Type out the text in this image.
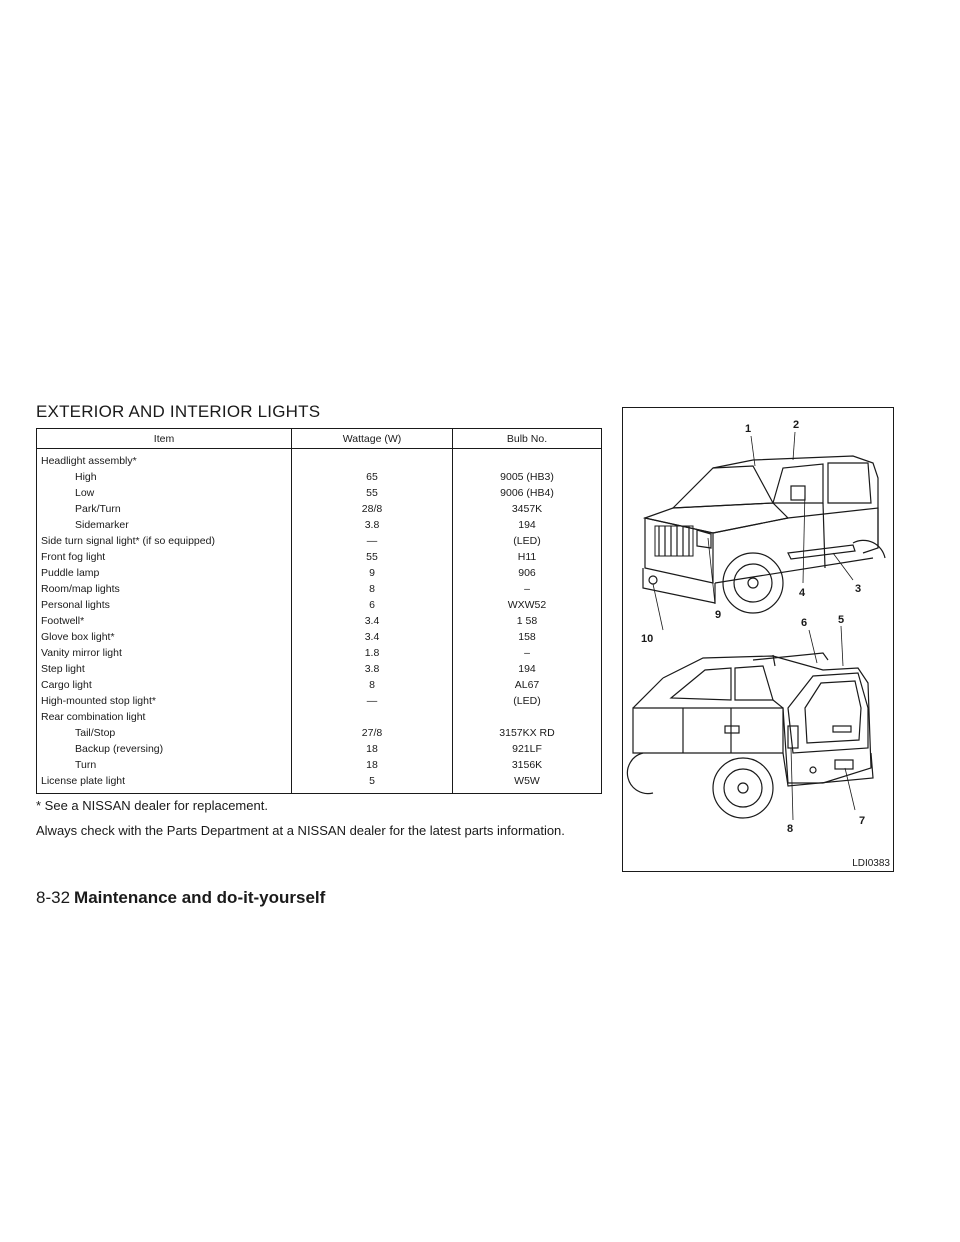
EXTERIOR AND INTERIOR LIGHTS
Item	Wattage (W)	Bulb No.
Headlight assembly*		
High	65	9005 (HB3)
Low	55	9006 (HB4)
Park/Turn	28/8	3457K
Sidemarker	3.8	194
Side turn signal light* (if so equipped)	—	(LED)
Front fog light	55	H11
Puddle lamp	9	906
Room/map lights	8	–
Personal lights	6	WXW52
Footwell*	3.4	1 58
Glove box light*	3.4	158
Vanity mirror light	1.8	–
Step light	3.8	194
Cargo light	8	AL67
High-mounted stop light*	—	(LED)
Rear combination light		
Tail/Stop	27/8	3157KX RD
Backup (reversing)	18	921LF
Turn	18	3156K
License plate light	5	W5W
* See a NISSAN dealer for replacement.
Always check with the Parts Department at a NISSAN dealer for the latest parts information.
1	2
3
4
9
10
6	5
7
8
LDI0383
8-32 Maintenance and do-it-yourself
